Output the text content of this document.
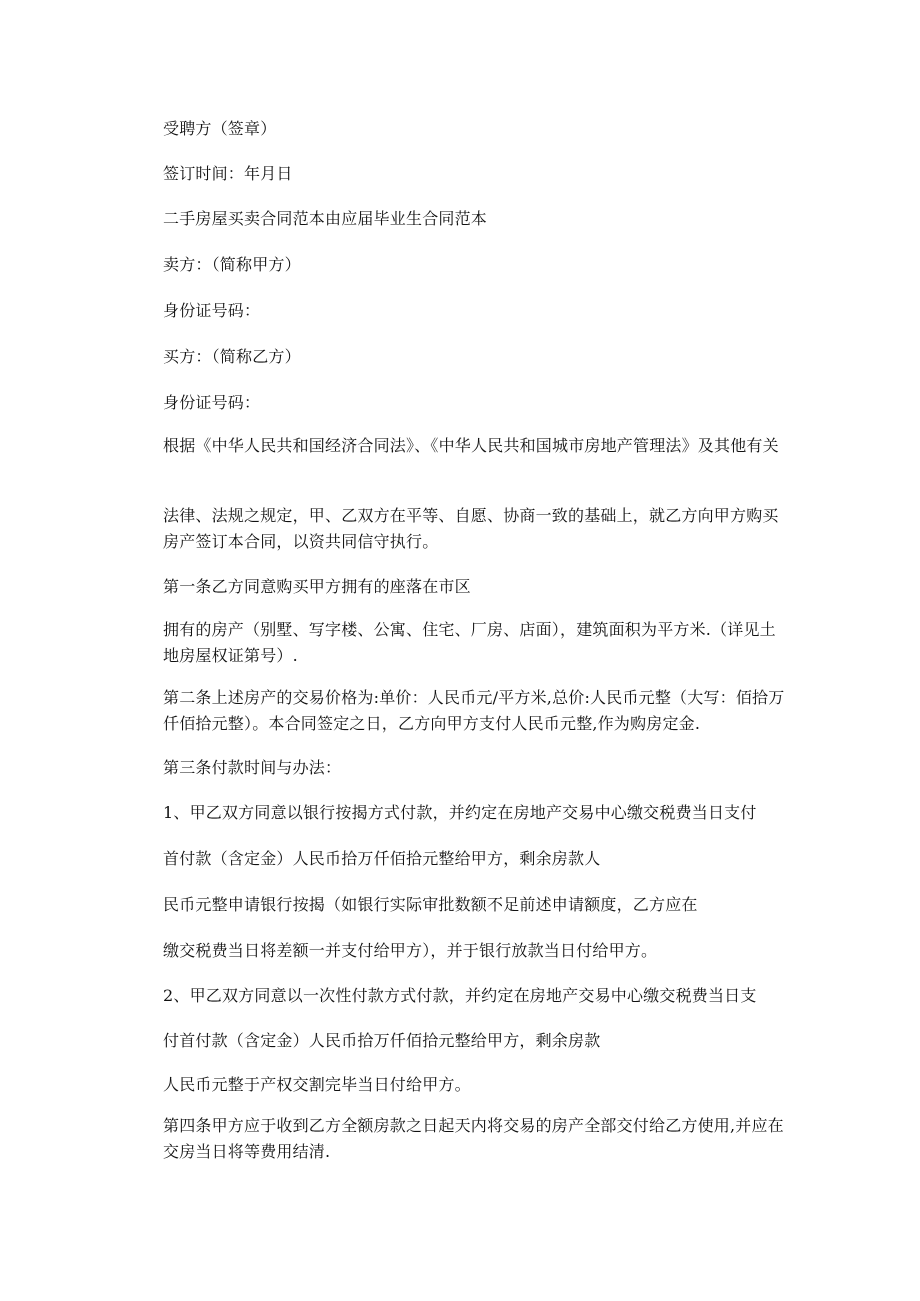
受聘方（签章）
签订时间：年月日
二手房屋买卖合同范本由应届毕业生合同范本
卖方：（简称甲方）
身份证号码：
买方：（简称乙方）
身份证号码：
根据《中华人民共和国经济合同法》、《中华人民共和国城市房地产管理法》及其他有关
法律、法规之规定，甲、乙双方在平等、自愿、协商一致的基础上，就乙方向甲方购买房产签订本合同，以资共同信守执行。
第一条乙方同意购买甲方拥有的座落在市区
拥有的房产（别墅、写字楼、公寓、住宅、厂房、店面），建筑面积为平方米.（详见土地房屋权证第号）.
第二条上述房产的交易价格为:单价：人民币元/平方米,总价:人民币元整（大写：佰拾万仟佰拾元整）。本合同签定之日，乙方向甲方支付人民币元整,作为购房定金.
第三条付款时间与办法：
1、甲乙双方同意以银行按揭方式付款，并约定在房地产交易中心缴交税费当日支付
首付款（含定金）人民币拾万仟佰拾元整给甲方，剩余房款人
民币元整申请银行按揭（如银行实际审批数额不足前述申请额度，乙方应在
缴交税费当日将差额一并支付给甲方），并于银行放款当日付给甲方。
2、甲乙双方同意以一次性付款方式付款，并约定在房地产交易中心缴交税费当日支
付首付款（含定金）人民币拾万仟佰拾元整给甲方，剩余房款
人民币元整于产权交割完毕当日付给甲方。
第四条甲方应于收到乙方全额房款之日起天内将交易的房产全部交付给乙方使用,并应在交房当日将等费用结清.
